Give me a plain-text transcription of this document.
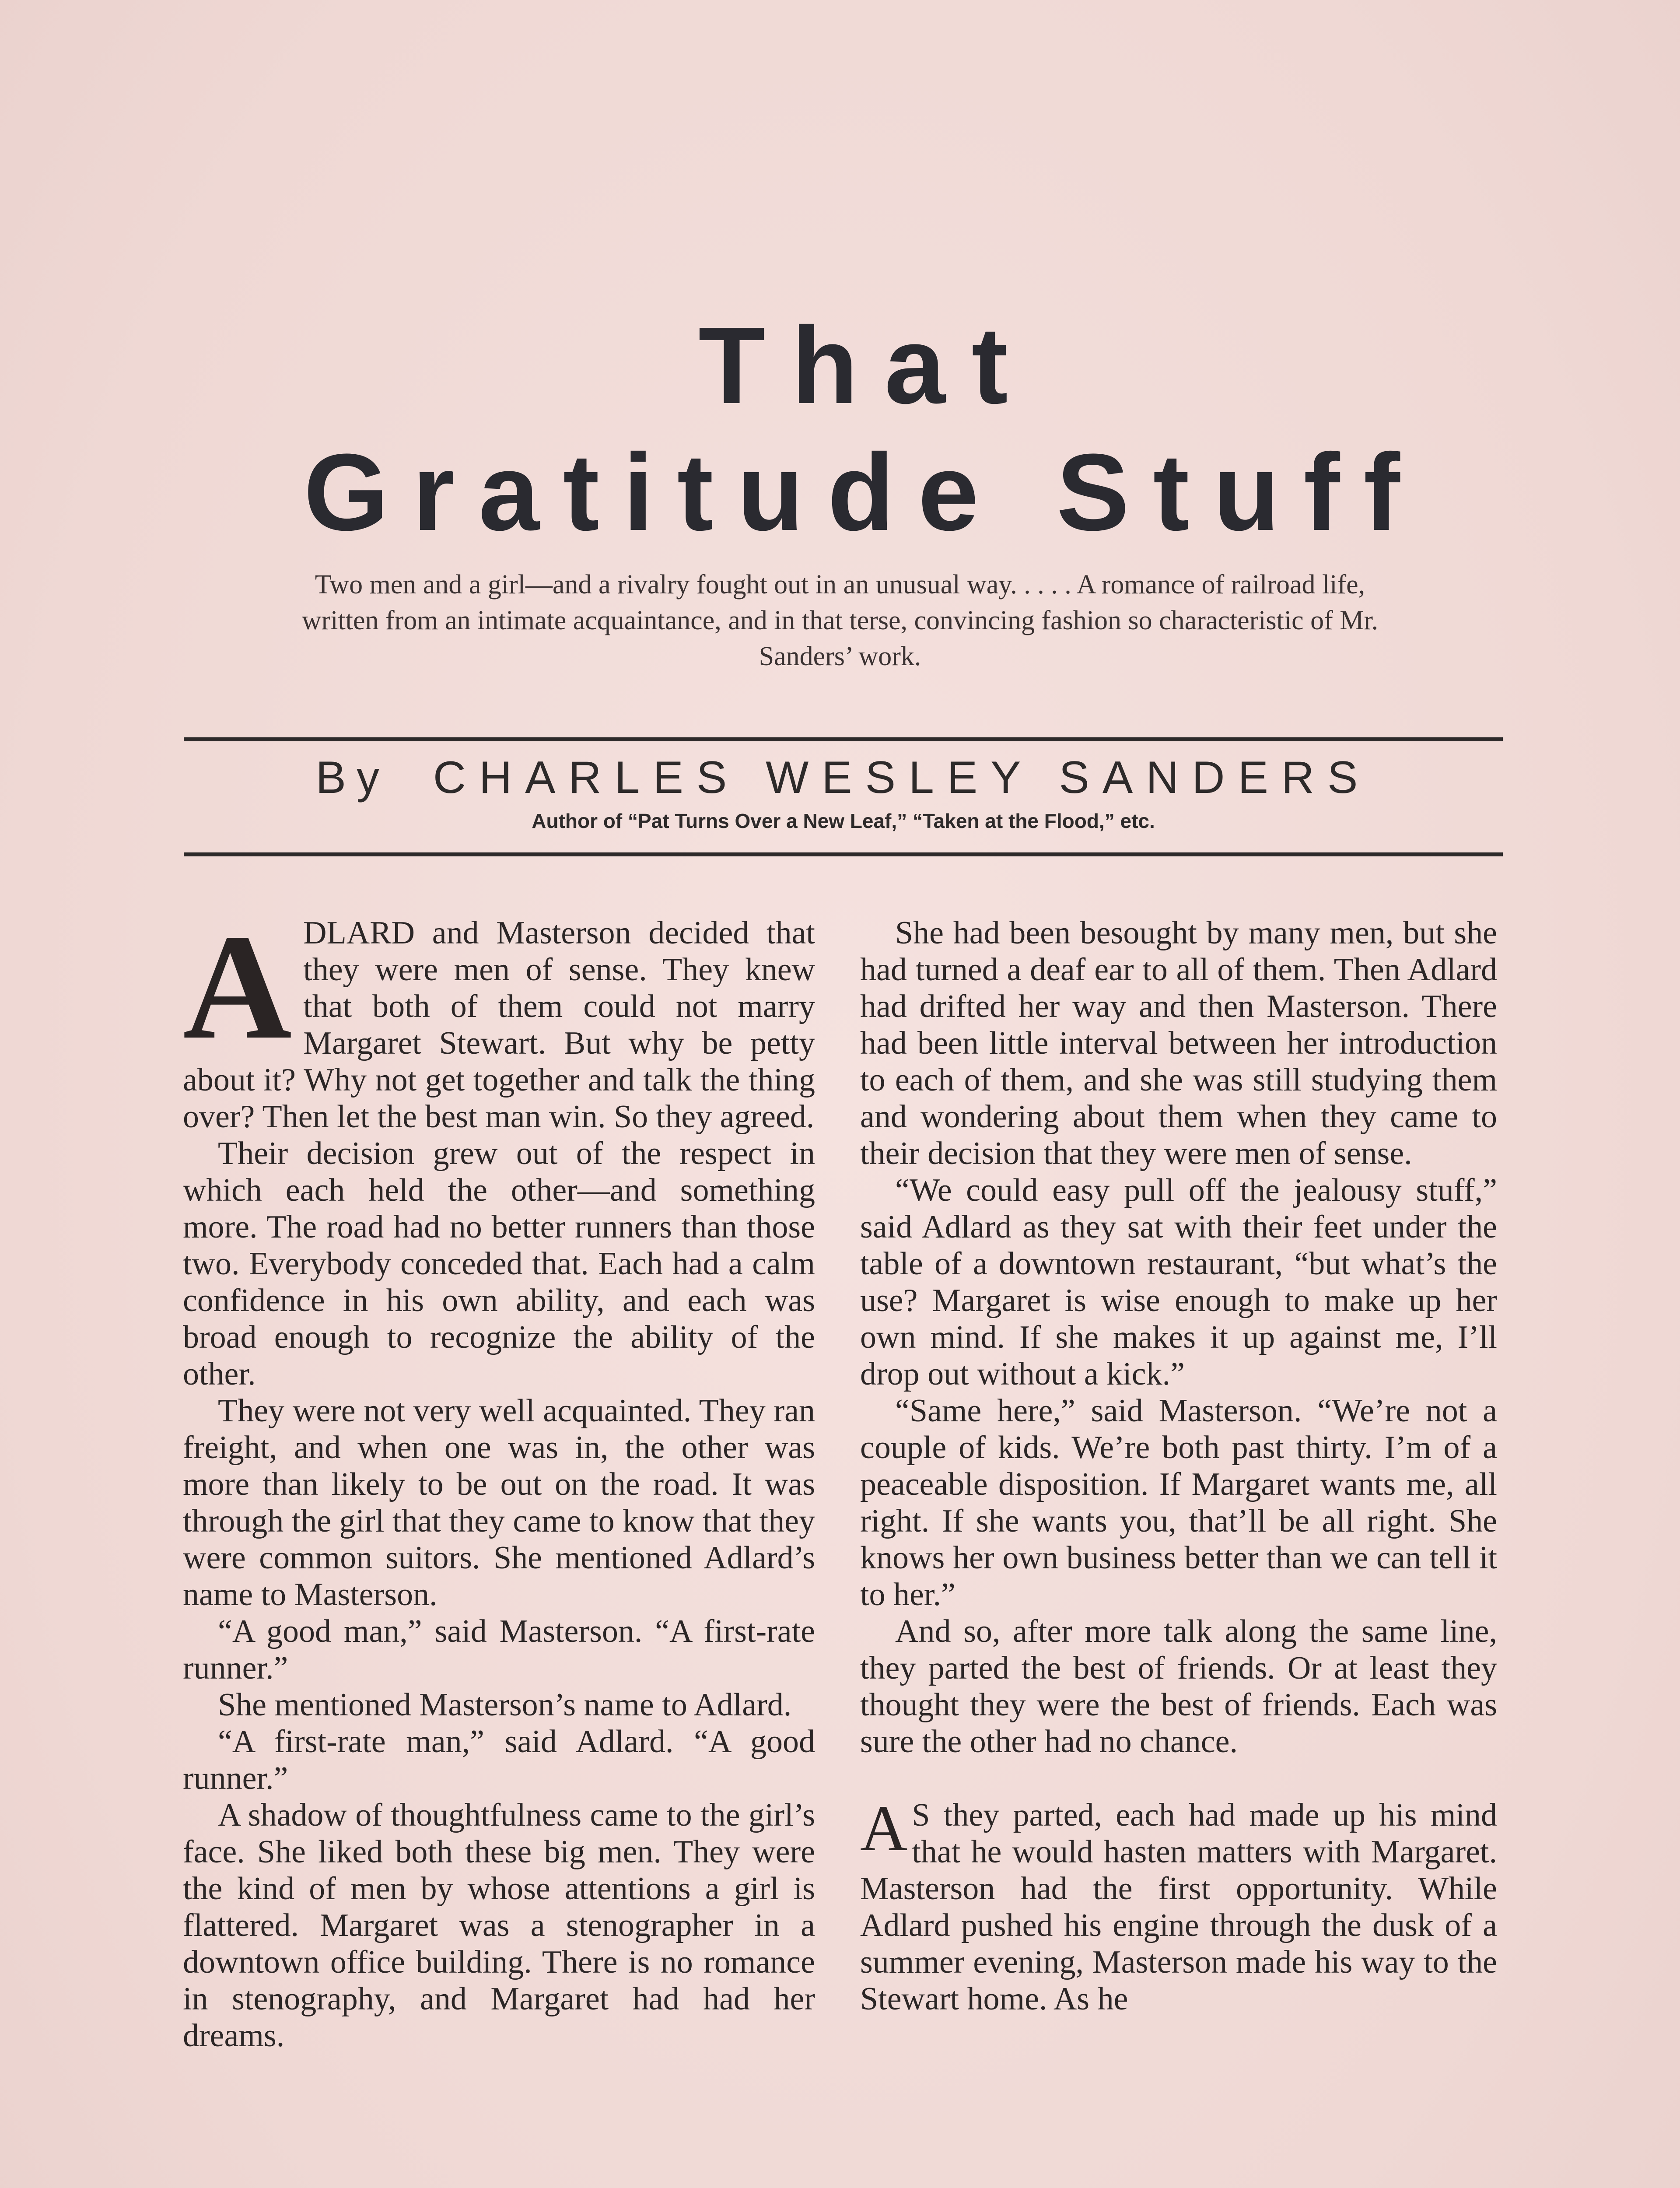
That
Gratitude Stuff
Two men and a girl—and a rivalry fought out in an unusual way. . . . . A romance of railroad life, written from an intimate acquaintance, and in that terse, convincing fashion so characteristic of Mr. Sanders’ work.
By CHARLES WESLEY SANDERS
Author of “Pat Turns Over a New Leaf,” “Taken at the Flood,” etc.

ADLARD and Masterson decided that they were men of sense. They knew that both of them could not marry Margaret Stewart. But why be petty about it? Why not get together and talk the thing over? Then let the best man win. So they agreed.

Their decision grew out of the respect in which each held the other—and something more. The road had no better runners than those two. Everybody conceded that. Each had a calm confidence in his own ability, and each was broad enough to recognize the ability of the other.

They were not very well acquainted. They ran freight, and when one was in, the other was more than likely to be out on the road. It was through the girl that they came to know that they were common suitors. She mentioned Adlard’s name to Masterson.

“A good man,” said Masterson. “A first-rate runner.”

She mentioned Masterson’s name to Adlard.

“A first-rate man,” said Adlard. “A good runner.”

A shadow of thoughtfulness came to the girl’s face. She liked both these big men. They were the kind of men by whose attentions a girl is flattered. Margaret was a stenographer in a downtown office building. There is no romance in stenography, and Margaret had had her dreams.

She had been besought by many men, but she had turned a deaf ear to all of them. Then Adlard had drifted her way and then Masterson. There had been little interval between her introduction to each of them, and she was still studying them and wondering about them when they came to their decision that they were men of sense.

“We could easy pull off the jealousy stuff,” said Adlard as they sat with their feet under the table of a downtown restaurant, “but what’s the use? Margaret is wise enough to make up her own mind. If she makes it up against me, I’ll drop out without a kick.”

“Same here,” said Masterson. “We’re not a couple of kids. We’re both past thirty. I’m of a peaceable disposition. If Margaret wants me, all right. If she wants you, that’ll be all right. She knows her own business better than we can tell it to her.”

And so, after more talk along the same line, they parted the best of friends. Or at least they thought they were the best of friends. Each was sure the other had no chance.

A S they parted, each had made up his mind that he would hasten matters with Margaret. Masterson had the first opportunity. While Adlard pushed his engine through the dusk of a summer evening, Masterson made his way to the Stewart home. As he
